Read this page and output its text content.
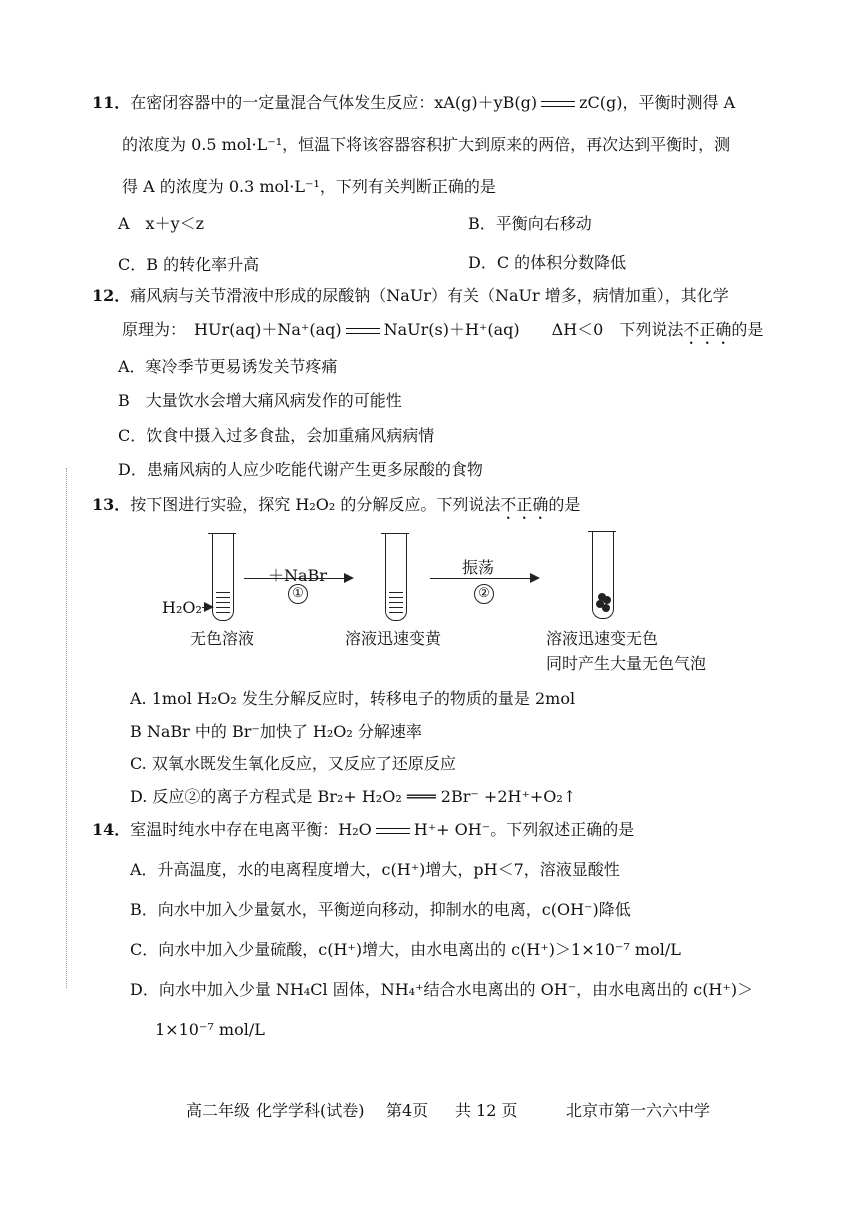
11．在密闭容器中的一定量混合气体发生反应：xA(g)＋yB(g)	zC(g)，平衡时测得 A
的浓度为 0.5 mol·L⁻¹，恒温下将该容器容积扩大到原来的两倍，再次达到平衡时，测
得 A 的浓度为 0.3 mol·L⁻¹，下列有关判断正确的是
A　x＋y＜z	B．平衡向右移动
C．B 的转化率升高	D．C 的体积分数降低
12．痛风病与关节滑液中形成的尿酸钠（NaUr）有关（NaUr 增多，病情加重），其化学
原理为：　HUr(aq)＋Na⁺(aq)	NaUr(s)＋H⁺(aq)　　ΔH＜0　下列说法不正确的是
A．寒冷季节更易诱发关节疼痛
B　大量饮水会增大痛风病发作的可能性
C．饮食中摄入过多食盐，会加重痛风病病情
D．患痛风病的人应少吃能代谢产生更多尿酸的食物
13．按下图进行实验，探究 H₂O₂ 的分解反应。下列说法不正确的是
H₂O₂
＋NaBr
①
振荡
②
无色溶液	溶液迅速变黄	溶液迅速变无色
同时产生大量无色气泡
A. 1mol H₂O₂ 发生分解反应时，转移电子的物质的量是 2mol
B NaBr 中的 Br⁻加快了 H₂O₂ 分解速率
C. 双氧水既发生氧化反应，又反应了还原反应
D. 反应②的离子方程式是 Br₂+ H₂O₂ ═══ 2Br⁻ +2H⁺+O₂↑
14．室温时纯水中存在电离平衡：H₂O	H⁺+ OH⁻。下列叙述正确的是
A．升高温度，水的电离程度增大，c(H⁺)增大，pH＜7，溶液显酸性
B．向水中加入少量氨水，平衡逆向移动，抑制水的电离，c(OH⁻)降低
C．向水中加入少量硫酸，c(H⁺)增大，由水电离出的 c(H⁺)＞1×10⁻⁷ mol/L
D．向水中加入少量 NH₄Cl 固体，NH₄⁺结合水电离出的 OH⁻，由水电离出的 c(H⁺)＞
1×10⁻⁷ mol/L
高二年级 化学学科(试卷) 第4页 共 12 页	北京市第一六六中学
